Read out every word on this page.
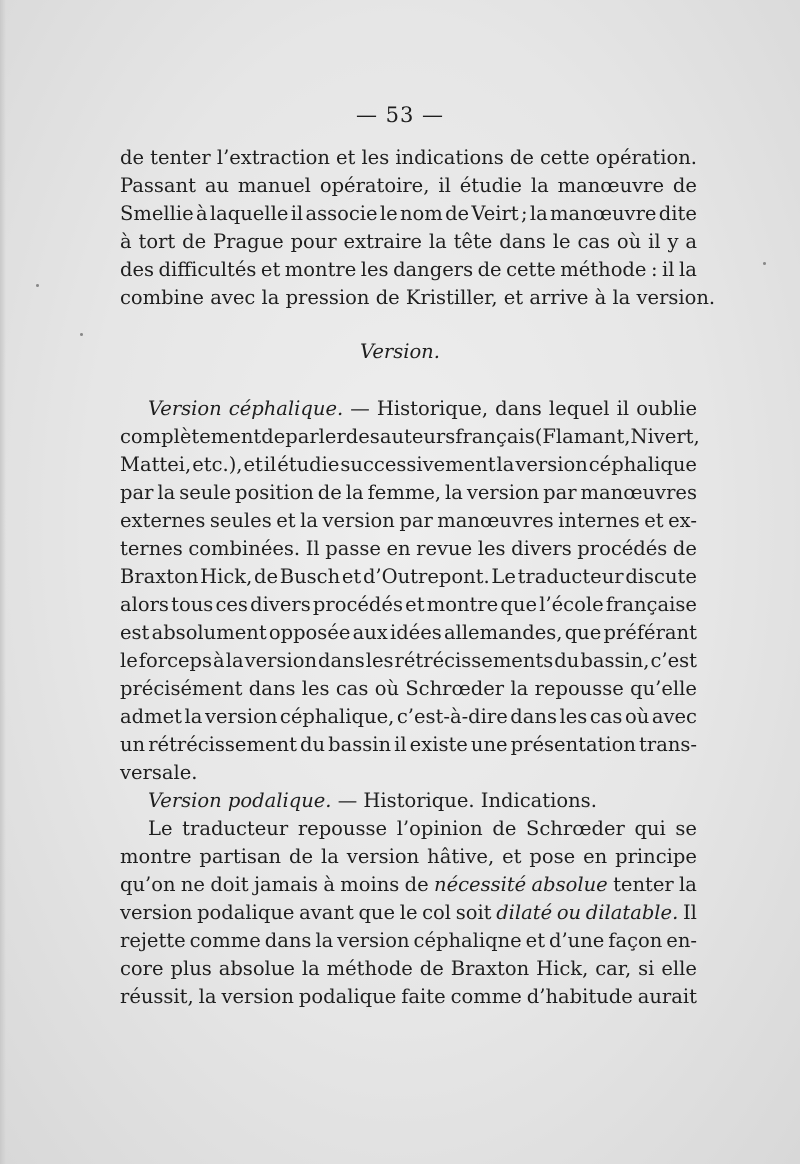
— 53 —
de tenter l’extraction et les indications de cette opération.
Passant au manuel opératoire, il étudie la manœuvre de
Smellie à laquelle il associe le nom de Veirt ; la manœuvre dite
à tort de Prague pour extraire la tête dans le cas où il y a
des difficultés et montre les dangers de cette méthode : il la
combine
avec
la
pression
de
Kristiller,
et
arrive
à
la
version.
Version céphalique. — Historique, dans lequel il oublie
complètement de parler des auteurs français (Flamant, Nivert,
Mattei, etc.), et il étudie successivement la version céphalique
par la seule position de la femme, la version par manœuvres
externes seules et la version par manœuvres internes et ex-
ternes combinées. Il passe en revue les divers procédés de
Braxton Hick, de Busch et d’Outrepont. Le traducteur discute
alors tous ces divers procédés et montre que l’école française
est absolument opposée aux idées allemandes, que préférant
le forceps à la version dans les rétrécissements du bassin, c’est
précisément dans les cas où Schrœder la repousse qu’elle
admet la version céphalique, c’est-à-dire dans les cas où avec
un rétrécissement du bassin il existe une présentation trans-
versale.
Version
podalique.
—
Historique.
Indications.
Le traducteur repousse l’opinion de Schrœder qui se
montre partisan de la version hâtive, et pose en principe
qu’on ne doit jamais à moins de nécessité absolue tenter la
version podalique avant que le col soit dilaté ou dilatable. Il
rejette comme dans la version céphaliqne et d’une façon en-
core plus absolue la méthode de Braxton Hick, car, si elle
réussit, la version podalique faite comme d’habitude aurait
Version.
